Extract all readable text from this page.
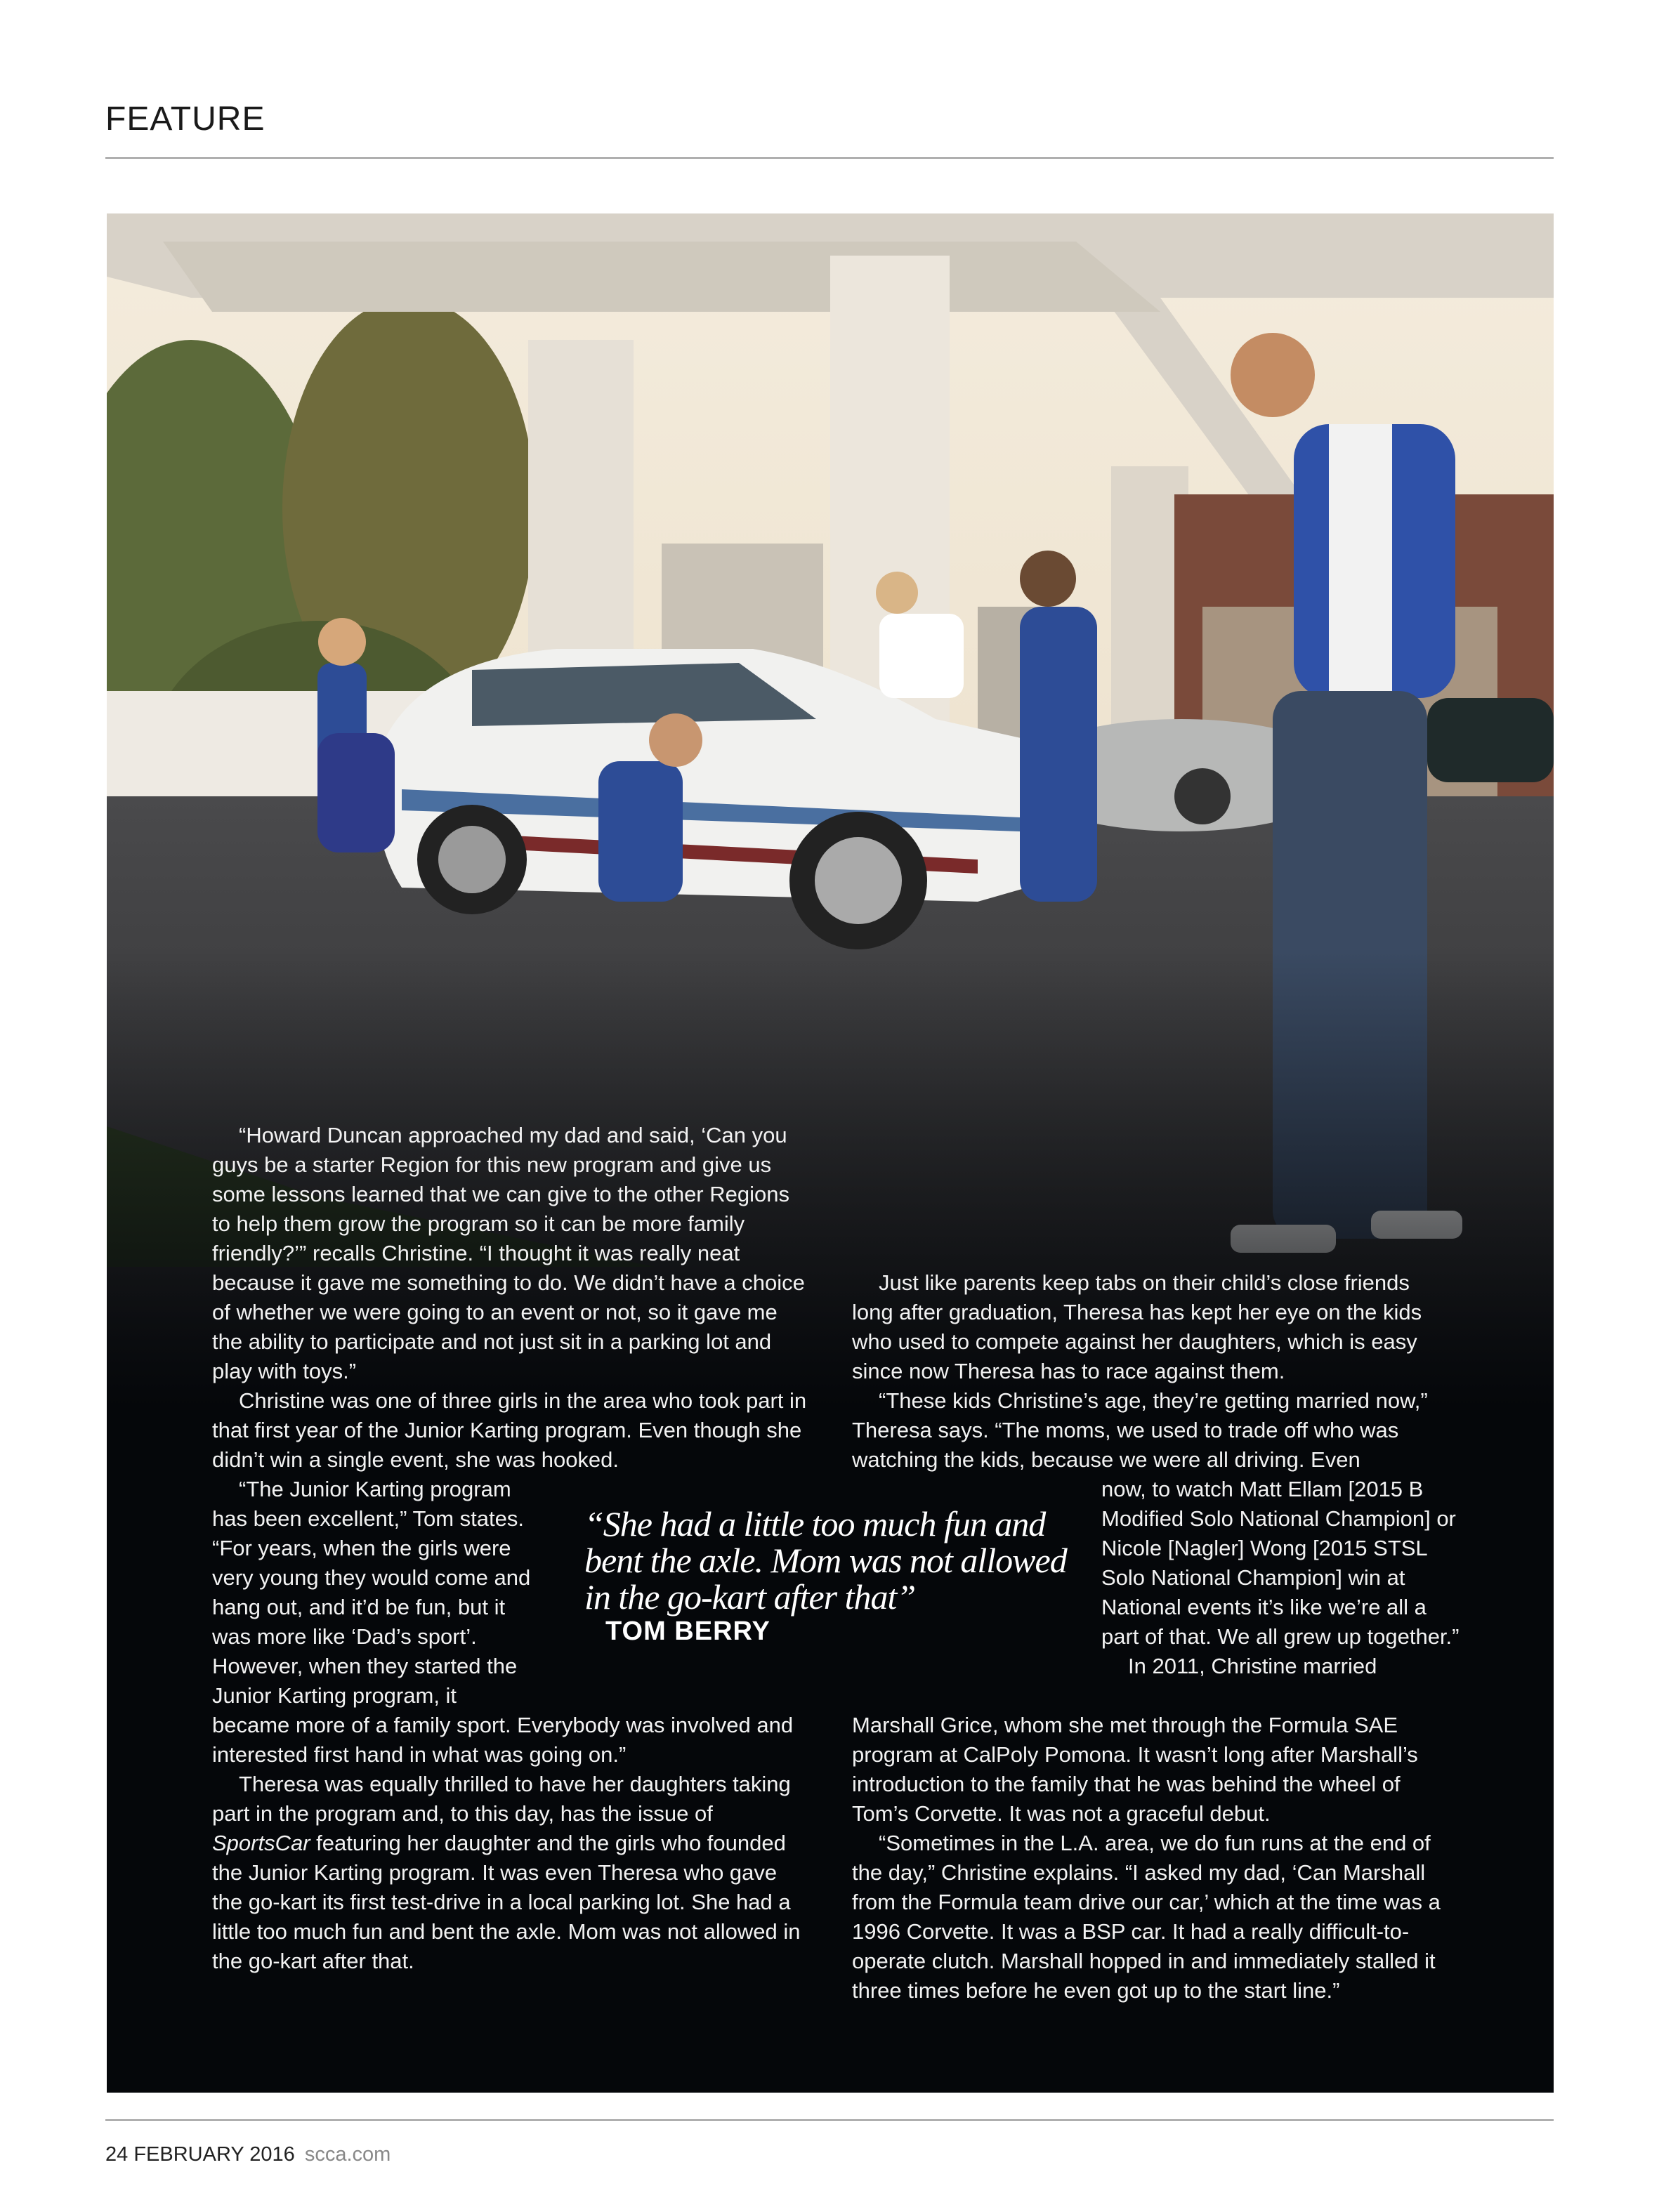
FEATURE

“Howard Duncan approached my dad and said, ‘Can you guys be a starter Region for this new program and give us some lessons learned that we can give to the other Regions to help them grow the program so it can be more family friendly?’” recalls Christine. “I thought it was really neat because it gave me something to do. We didn’t have a choice of whether we were going to an event or not, so it gave me the ability to participate and not just sit in a parking lot and play with toys.”

Christine was one of three girls in the area who took part in that first year of the Junior Karting program. Even though she didn’t win a single event, she was hooked.

“The Junior Karting program has been excellent,” Tom states. “For years, when the girls were very young they would come and hang out, and it’d be fun, but it was more like ‘Dad’s sport’. However, when they started the Junior Karting program, it

became more of a family sport. Everybody was involved and interested first hand in what was going on.”

Theresa was equally thrilled to have her daughters taking part in the program and, to this day, has the issue of
SportsCar featuring her daughter and the girls who founded the Junior Karting program. It was even Theresa who gave the go-kart its first test-drive in a local parking lot. She had a little too much fun and bent the axle. Mom was not allowed in the go-kart after that.

Just like parents keep tabs on their child’s close friends long after graduation, Theresa has kept her eye on the kids who used to compete against her daughters, which is easy since now Theresa has to race against them.

“These kids Christine’s age, they’re getting married now,” Theresa says. “The moms, we used to trade off who was watching the kids, because we were all driving. Even

now, to watch Matt Ellam [2015 B Modified Solo National Champion] or Nicole [Nagler] Wong [2015 STSL Solo National Champion] win at National events it’s like we’re all a part of that. We all grew up together.”
In 2011, Christine married

Marshall Grice, whom she met through the Formula SAE program at CalPoly Pomona. It wasn’t long after Marshall’s introduction to the family that he was behind the wheel of Tom’s Corvette. It was not a graceful debut.

“Sometimes in the L.A. area, we do fun runs at the end of the day,” Christine explains. “I asked my dad, ‘Can Marshall from the Formula team drive our car,’ which at the time was a 1996 Corvette. It was a BSP car. It had a really difficult-to-operate clutch. Marshall hopped in and immediately stalled it three times before he even got up to the start line.”

“She had a little too much fun and bent the axle. Mom was not allowed in the go-kart after that”
TOM BERRY
24 FEBRUARY 2016 scca.com
